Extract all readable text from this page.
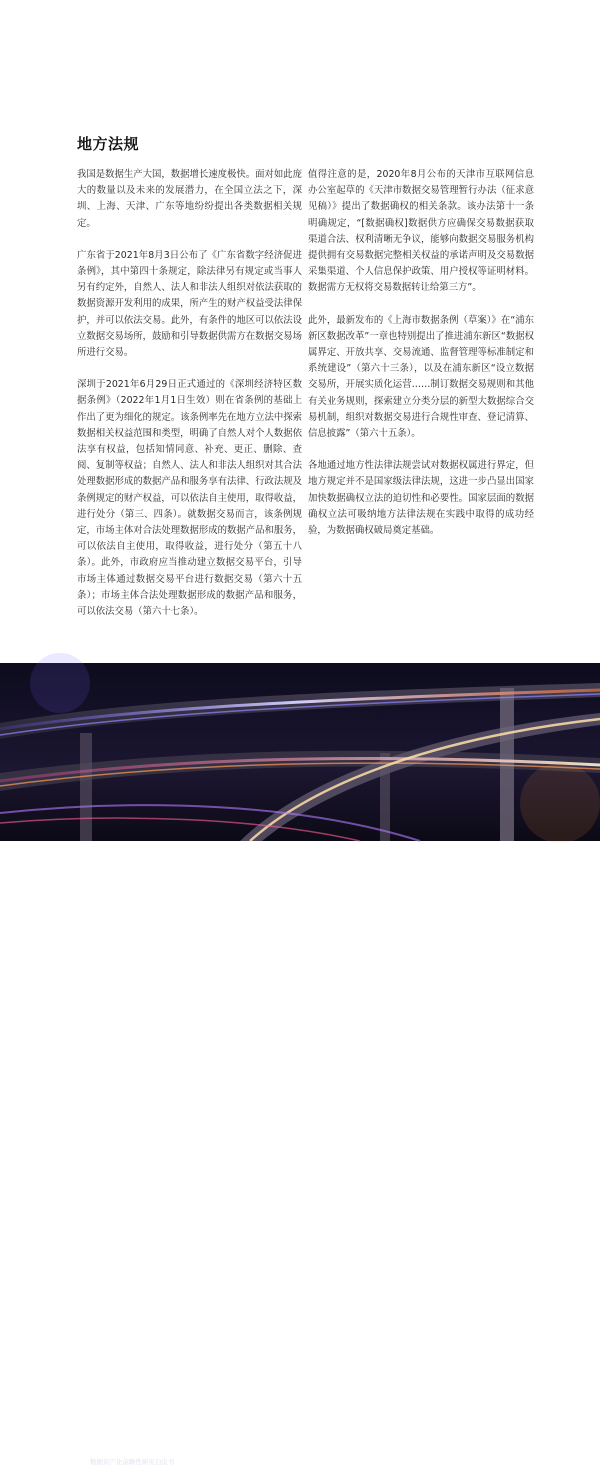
地方法规

我国是数据生产大国，数据增长速度极快。面对如此庞大的数量以及未来的发展潜力，在全国立法之下，深圳、上海、天津、广东等地纷纷提出各类数据相关规定。

广东省于2021年8月3日公布了《广东省数字经济促进条例》，其中第四十条规定，除法律另有规定或当事人另有约定外，自然人、法人和非法人组织对依法获取的数据资源开发利用的成果，所产生的财产权益受法律保护，并可以依法交易。此外，有条件的地区可以依法设立数据交易场所，鼓励和引导数据供需方在数据交易场所进行交易。

深圳于2021年6月29日正式通过的《深圳经济特区数据条例》（2022年1月1日生效）则在省条例的基础上作出了更为细化的规定。该条例率先在地方立法中探索数据相关权益范围和类型，明确了自然人对个人数据依法享有权益，包括知情同意、补充、更正、删除、查阅、复制等权益；自然人、法人和非法人组织对其合法处理数据形成的数据产品和服务享有法律、行政法规及条例规定的财产权益，可以依法自主使用，取得收益，进行处分（第三、四条）。就数据交易而言，该条例规定，市场主体对合法处理数据形成的数据产品和服务，可以依法自主使用，取得收益，进行处分（第五十八条）。此外，市政府应当推动建立数据交易平台，引导市场主体通过数据交易平台进行数据交易（第六十五条）；市场主体合法处理数据形成的数据产品和服务，可以依法交易（第六十七条）。

值得注意的是，2020年8月公布的天津市互联网信息办公室起草的《天津市数据交易管理暂行办法（征求意见稿）》提出了数据确权的相关条款。该办法第十一条明确规定，“[数据确权]数据供方应确保交易数据获取渠道合法、权利清晰无争议，能够向数据交易服务机构提供拥有交易数据完整相关权益的承诺声明及交易数据采集渠道、个人信息保护政策、用户授权等证明材料。数据需方无权将交易数据转让给第三方”。

此外，最新发布的《上海市数据条例（草案）》在“浦东新区数据改革”一章也特别提出了推进浦东新区“数据权属界定、开放共享、交易流通、监督管理等标准制定和系统建设”（第六十三条），以及在浦东新区“设立数据交易所，开展实质化运营……制订数据交易规则和其他有关业务规则，探索建立分类分层的新型大数据综合交易机制，组织对数据交易进行合规性审查、登记清算、信息披露”（第六十五条）。

各地通过地方性法律法规尝试对数据权属进行界定，但地方规定并不是国家级法律法规，这进一步凸显出国家加快数据确权立法的迫切性和必要性。国家层面的数据确权立法可吸纳地方法律法规在实践中取得的成功经验，为数据确权破局奠定基础。

数据资产化前瞻性研究白皮书
